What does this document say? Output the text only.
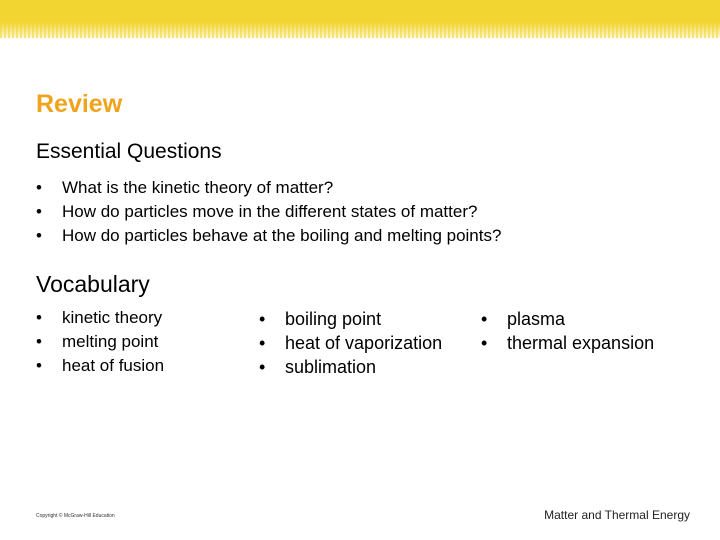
Review
Essential Questions
• What is the kinetic theory of matter?
• How do particles move in the different states of matter?
• How do particles behave at the boiling and melting points?
Vocabulary
• kinetic theory
• melting point
• heat of fusion
• boiling point
• heat of vaporization
• sublimation
• plasma
• thermal expansion
Copyright © McGraw-Hill Education	Matter and Thermal Energy
